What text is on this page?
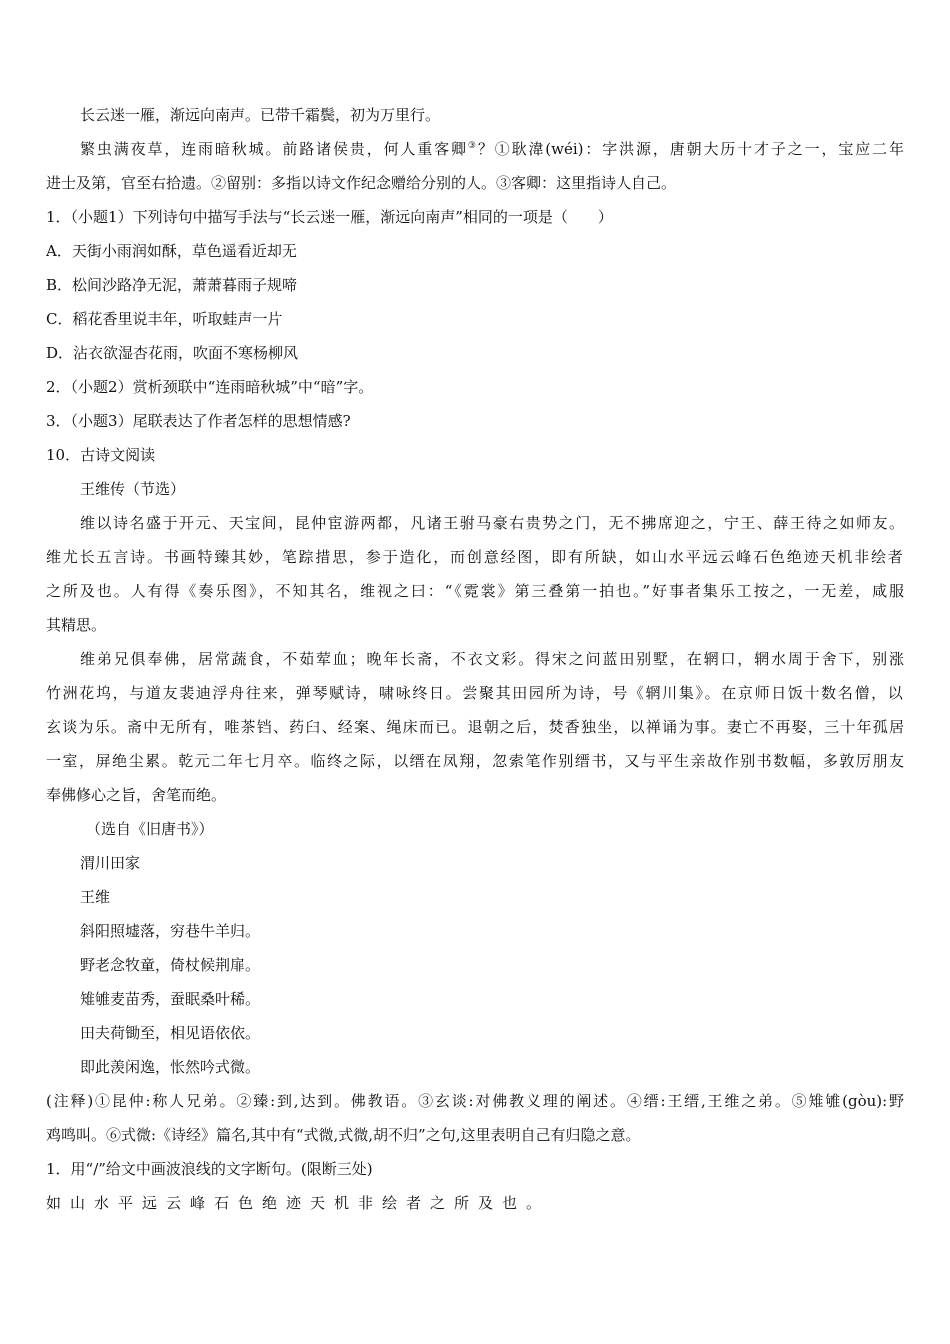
长云迷一雁，渐远向南声。已带千霜鬓，初为万里行。
繁虫满夜草，连雨暗秋城。前路诸侯贵，何人重客卿③？①耿湋(wéi)：字洪源，唐朝大历十才子之一，宝应二年
进士及第，官至右拾遗。②留别：多指以诗文作纪念赠给分别的人。③客卿：这里指诗人自己。
1．（小题1）下列诗句中描写手法与“长云迷一雁，渐远向南声”相同的一项是（　　）
A．天街小雨润如酥，草色遥看近却无
B．松间沙路净无泥，萧萧暮雨子规啼
C．稻花香里说丰年，听取蛙声一片
D．沾衣欲湿杏花雨，吹面不寒杨柳风
2．（小题2）赏析颈联中“连雨暗秋城”中“暗”字。
3．（小题3）尾联表达了作者怎样的思想情感?
10．古诗文阅读
王维传（节选）
维以诗名盛于开元、天宝间，昆仲宦游两都，凡诸王驸马豪右贵势之门，无不拂席迎之，宁王、薛王待之如师友。
维尤长五言诗。书画特臻其妙，笔踪措思，参于造化，而创意经图，即有所缺，如山水平远云峰石色绝迹天机非绘者
之所及也。人有得《奏乐图》，不知其名，维视之曰：“《霓裳》第三叠第一拍也。”好事者集乐工按之，一无差，咸服
其精思。
维弟兄俱奉佛，居常蔬食，不茹荤血；晚年长斋，不衣文彩。得宋之问蓝田别墅，在辋口，辋水周于舍下，别涨
竹洲花坞，与道友裴迪浮舟往来，弹琴赋诗，啸咏终日。尝聚其田园所为诗，号《辋川集》。在京师日饭十数名僧，以
玄谈为乐。斋中无所有，唯茶铛、药臼、经案、绳床而已。退朝之后，焚香独坐，以禅诵为事。妻亡不再娶，三十年孤居
一室，屏绝尘累。乾元二年七月卒。临终之际，以缙在凤翔，忽索笔作别缙书，又与平生亲故作别书数幅，多敦厉朋友
奉佛修心之旨，舍笔而绝。
（选自《旧唐书》）
渭川田家
王维
斜阳照墟落，穷巷牛羊归。
野老念牧童，倚杖候荆扉。
雉雊麦苗秀，蚕眠桑叶稀。
田夫荷锄至，相见语依依。
即此羡闲逸，怅然吟式微。
(注释)①昆仲:称人兄弟。②臻:到,达到。佛教语。③玄谈:对佛教义理的阐述。④缙:王缙,王维之弟。⑤雉雊(gòu):野
鸡鸣叫。⑥式微:《诗经》篇名,其中有“式微,式微,胡不归”之句,这里表明自己有归隐之意。
1．用“/”给文中画波浪线的文字断句。(限断三处)
如山水平远云峰石色绝迹天机非绘者之所及也。
